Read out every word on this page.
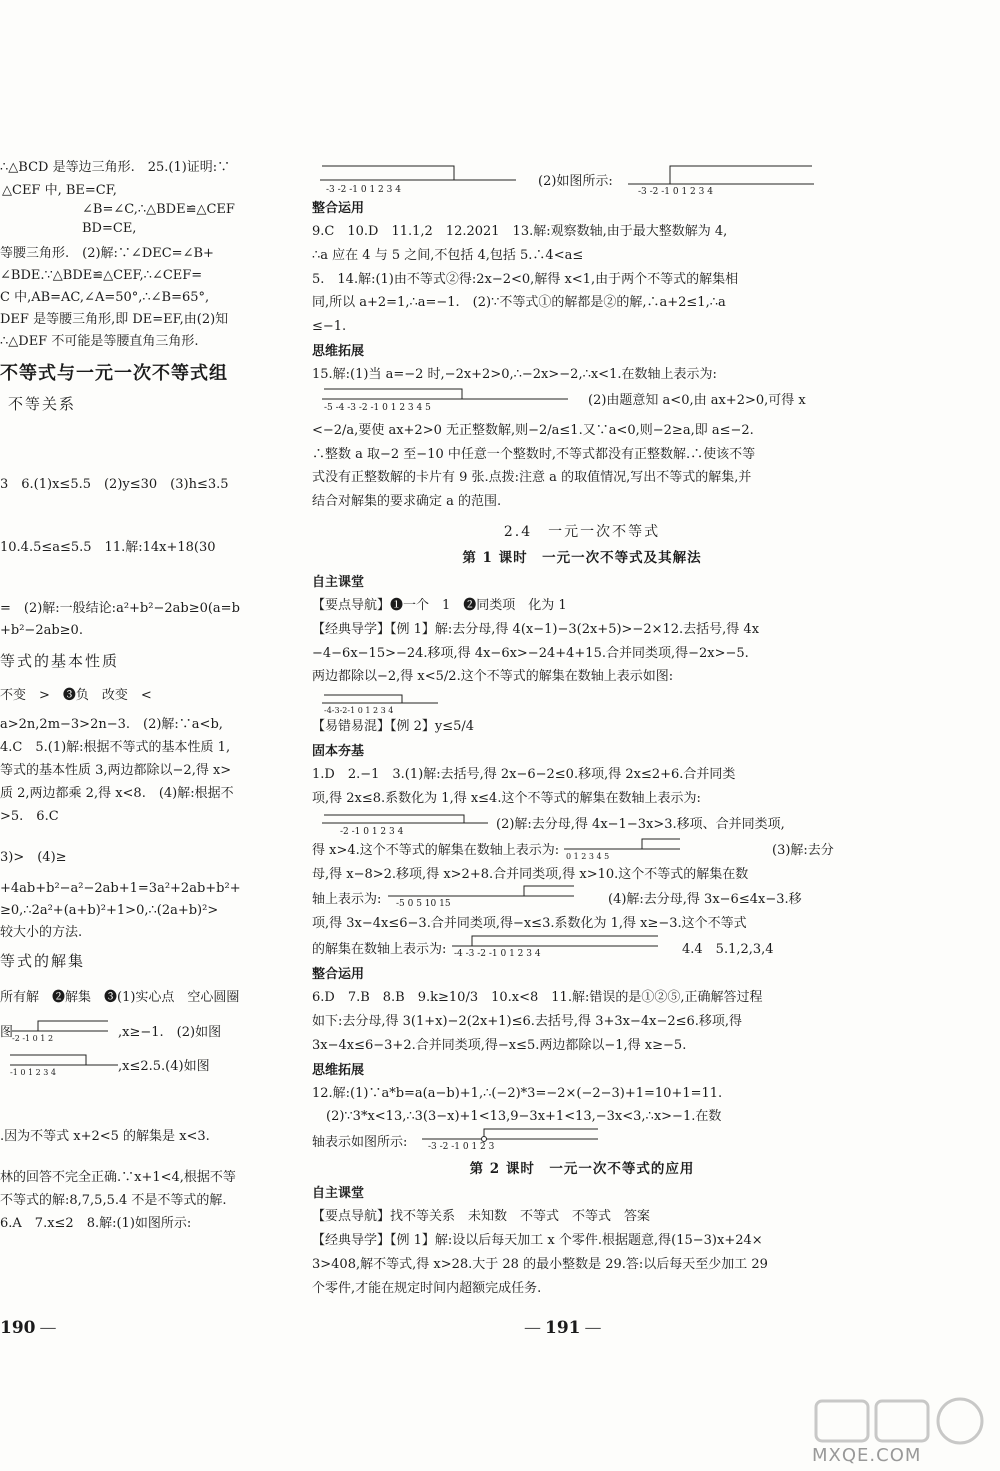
∴△BCD 是等边三角形.　25.(1)证明:∵
△CEF 中, BE=CF,
∠B=∠C,∴△BDE≌△CEF
BD=CE,
等腰三角形.　(2)解:∵∠DEC=∠B+
∠BDE.∵△BDE≌△CEF,∴∠CEF=
C 中,AB=AC,∠A=50°,∴∠B=65°,
DEF 是等腰三角形,即 DE=EF,由(2)知
∴△DEF 不可能是等腰直角三角形.
不等式与一元一次不等式组
不等关系
3　6.(1)x≤5.5　(2)y≤30　(3)h≤3.5
10.4.5≤a≤5.5　11.解:14x+18(30
=　(2)解:一般结论:a²+b²−2ab≥0(a=b
+b²−2ab≥0.
等式的基本性质
不变　>　❸负　改变　<
a>2n,2m−3>2n−3.　(2)解:∵a<b,
4.C　5.(1)解:根据不等式的基本性质 1,
等式的基本性质 3,两边都除以−2,得 x>
质 2,两边都乘 2,得 x<8.　(4)解:根据不
>5.　6.C
3)>　(4)≥
+4ab+b²−a²−2ab+1=3a²+2ab+b²+
≥0,∴2a²+(a+b)²+1>0,∴(2a+b)²>
较大小的方法.
等式的解集
所有解　❷解集　❸(1)实心点　空心圆圈
图
-2 -1 0 1 2	,x≥−1.　(2)如图
-1 0 1 2 3 4	,x≤2.5.(4)如图
.因为不等式 x+2<5 的解集是 x<3.
林的回答不完全正确.∵x+1<4,根据不等
不等式的解:8,7,5,5.4 不是不等式的解.
6.A　7.x≤2　8.解:(1)如图所示:
190 —
-3 -2 -1 0 1 2 3 4
(2)如图所示:
-3 -2 -1 0 1 2 3 4
整合运用
9.C　10.D　11.1,2　12.2021　13.解:观察数轴,由于最大整数解为 4,
∴a 应在 4 与 5 之间,不包括 4,包括 5.∴4<a≤
5.　14.解:(1)由不等式②得:2x−2<0,解得 x<1,由于两个不等式的解集相
同,所以 a+2=1,∴a=−1.　(2)∵不等式①的解都是②的解,∴a+2≤1,∴a
≤−1.
思维拓展
15.解:(1)当 a=−2 时,−2x+2>0,∴−2x>−2,∴x<1.在数轴上表示为:
-5 -4 -3 -2 -1 0 1 2 3 4 5	(2)由题意知 a<0,由 ax+2>0,可得 x
<−2/a,要使 ax+2>0 无正整数解,则−2/a≤1.又∵a<0,则−2≥a,即 a≤−2.
∴整数 a 取−2 至−10 中任意一个整数时,不等式都没有正整数解.∴使该不等
式没有正整数解的卡片有 9 张.点拨:注意 a 的取值情况,写出不等式的解集,并
结合对解集的要求确定 a 的范围.
2.4　一元一次不等式
第 1 课时　一元一次不等式及其解法
自主课堂
【要点导航】❶一个　1　❷同类项　化为 1
【经典导学】【例 1】解:去分母,得 4(x−1)−3(2x+5)>−2×12.去括号,得 4x
−4−6x−15>−24.移项,得 4x−6x>−24+4+15.合并同类项,得−2x>−5.
两边都除以−2,得 x<5/2.这个不等式的解集在数轴上表示如图:
-4-3-2-1 0 1 2 3 4
【易错易混】【例 2】y≤5/4
固本夯基
1.D　2.−1　3.(1)解:去括号,得 2x−6−2≤0.移项,得 2x≤2+6.合并同类
项,得 2x≤8.系数化为 1,得 x≤4.这个不等式的解集在数轴上表示为:
-2 -1 0 1 2 3 4	(2)解:去分母,得 4x−1−3x>3.移项、合并同类项,
得 x>4.这个不等式的解集在数轴上表示为: 0 1 2 3 4 5	(3)解:去分
母,得 x−8>2.移项,得 x>2+8.合并同类项,得 x>10.这个不等式的解集在数
轴上表示为: -5 0 5 10 15	(4)解:去分母,得 3x−6≤4x−3.移
项,得 3x−4x≤6−3.合并同类项,得−x≤3.系数化为 1,得 x≥−3.这个不等式
的解集在数轴上表示为: -4 -3 -2 -1 0 1 2 3 4	4.4　5.1,2,3,4
整合运用
6.D　7.B　8.B　9.k≥10/3　10.x<8　11.解:错误的是①②⑤,正确解答过程
如下:去分母,得 3(1+x)−2(2x+1)≤6.去括号,得 3+3x−4x−2≤6.移项,得
3x−4x≤6−3+2.合并同类项,得−x≤5.两边都除以−1,得 x≥−5.
思维拓展
12.解:(1)∵a*b=a(a−b)+1,∴(−2)*3=−2×(−2−3)+1=10+1=11.
(2)∵3*x<13,∴3(3−x)+1<13,9−3x+1<13,−3x<3,∴x>−1.在数
轴表示如图所示: -3 -2 -1 0 1 2 3
第 2 课时　一元一次不等式的应用
自主课堂
【要点导航】找不等关系　未知数　不等式　不等式　答案
【经典导学】【例 1】解:设以后每天加工 x 个零件.根据题意,得(15−3)x+24×
3>408,解不等式,得 x>28.大于 28 的最小整数是 29.答:以后每天至少加工 29
个零件,才能在规定时间内超额完成任务.
— 191 —
MXQE.COM
